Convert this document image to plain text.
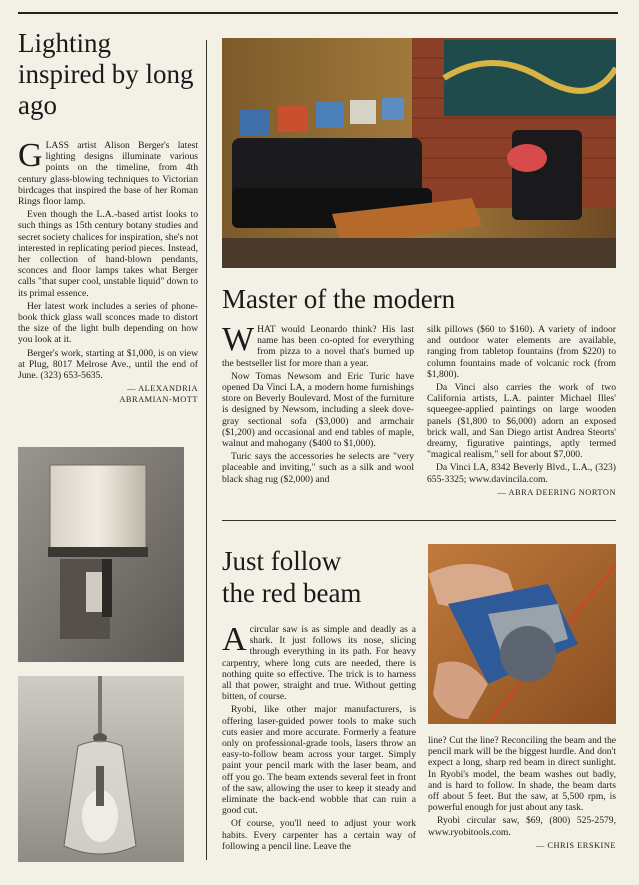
Lighting inspired by long ago

GLASS artist Alison Berger's latest lighting designs illuminate various points on the timeline, from 4th century glass-blowing techniques to Victorian birdcages that inspired the base of her Roman Rings floor lamp.

Even though the L.A.-based artist looks to such things as 15th century botany studies and secret society chalices for inspiration, she's not interested in replicating period pieces. Instead, her collection of hand-blown pendants, sconces and floor lamps takes what Berger calls "that super cool, unstable liquid" down to its primal essence.

Her latest work includes a series of phone-book thick glass wall sconces made to distort the size of the light bulb depending on how you look at it.

Berger's work, starting at $1,000, is on view at Plug, 8017 Melrose Ave., until the end of June. (323) 653-5635.

— ALEXANDRIA
ABRAMIAN-MOTT
Master of the modern

WHAT would Leonardo think? His last name has been co-opted for everything from pizza to a novel that's burned up the bestseller list for more than a year.

Now Tomas Newsom and Eric Turic have opened Da Vinci LA, a modern home furnishings store on Beverly Boulevard. Most of the furniture is designed by Newsom, including a sleek dove-gray sectional sofa ($3,000) and armchair ($1,200) and occasional and end tables of maple, walnut and mahogany ($400 to $1,000).

Turic says the accessories he selects are "very placeable and inviting," such as a silk and wool black shag rug ($2,000) and

silk pillows ($60 to $160). A variety of indoor and outdoor water elements are available, ranging from tabletop fountains (from $220) to column fountains made of volcanic rock (from $1,800).

Da Vinci also carries the work of two California artists, L.A. painter Michael Illes' squeegee-applied paintings on large wooden panels ($1,800 to $6,000) adorn an exposed brick wall, and San Diego artist Andrea Steorts' dreamy, figurative paintings, aptly termed "magical realism," sell for about $7,000.

Da Vinci LA, 8342 Beverly Blvd., L.A., (323) 655-3325; www.davincila.com.

— ABRA DEERING NORTON
Just follow
the red beam

Acircular saw is as simple and deadly as a shark. It just follows its nose, slicing through everything in its path. For heavy carpentry, where long cuts are needed, there is nothing quite so effective. The trick is to harness all that power, straight and true. Without getting bitten, of course.

Ryobi, like other major manufacturers, is offering laser-guided power tools to make such cuts easier and more accurate. Formerly a feature only on professional-grade tools, lasers throw an easy-to-follow beam across your target. Simply paint your pencil mark with the laser beam, and off you go. The beam extends several feet in front of the saw, allowing the user to keep it steady and eliminate the back-end wobble that can ruin a good cut.

Of course, you'll need to adjust your work habits. Every carpenter has a certain way of following a pencil line. Leave the

line? Cut the line? Reconciling the beam and the pencil mark will be the biggest hurdle. And don't expect a long, sharp red beam in direct sunlight. In Ryobi's model, the beam washes out badly, and is hard to follow. In shade, the beam darts off about 5 feet. But the saw, at 5,500 rpm, is powerful enough for just about any task.

Ryobi circular saw, $69, (800) 525-2579, www.ryobitools.com.

— CHRIS ERSKINE
